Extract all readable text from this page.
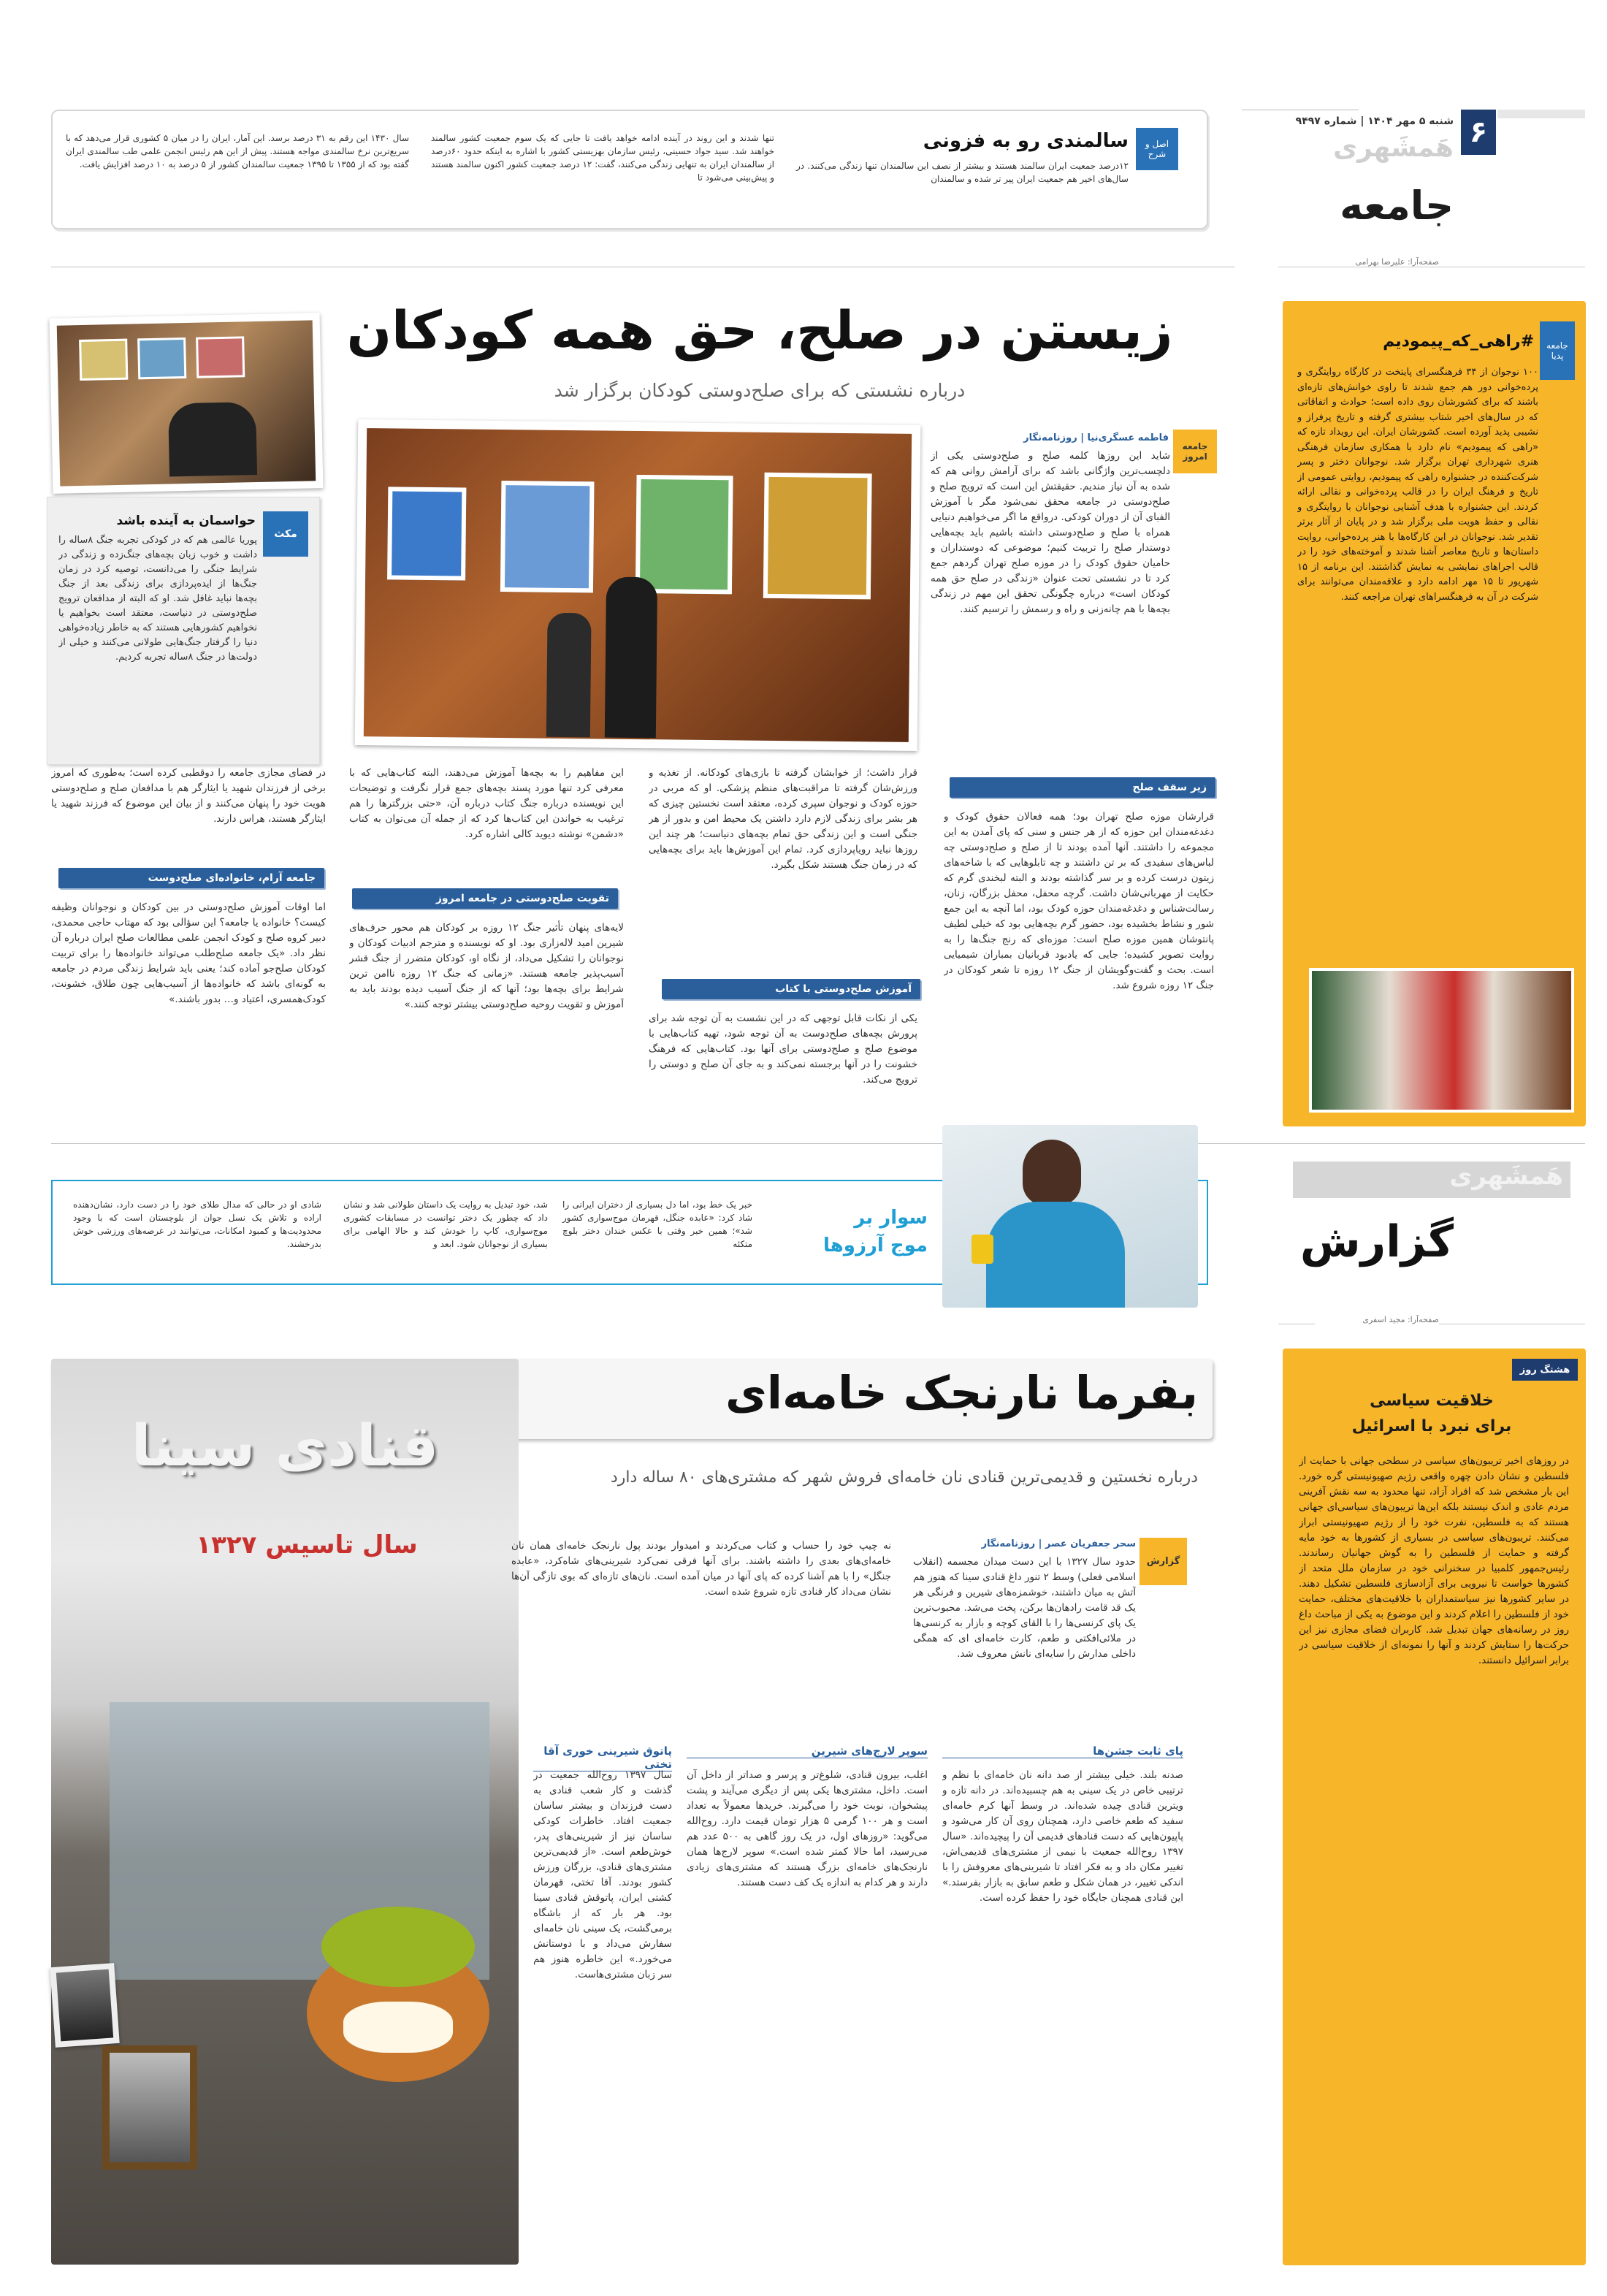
۶
شنبه ۵ مهر ۱۴۰۴ | شماره ۹۴۹۷
هَمشَهری
جامعه
صفحه‌آرا: علیرضا بهرامی
اصل و شرح
سالمندی رو به فزونی
۱۲درصد جمعیت ایران سالمند هستند و بیشتر از نصف این سالمندان تنها زندگی می‌کنند. در سال‌های اخیر هم جمعیت ایران پیر تر شده و سالمندان
تنها شدند و این روند در آینده ادامه خواهد یافت تا جایی که یک سوم جمعیت کشور سالمند خواهند شد. سید جواد حسینی، رئیس سازمان بهزیستی کشور با اشاره به اینکه حدود ۶۰درصد از سالمندان ایران به تنهایی زندگی می‌کنند، گفت: ۱۲ درصد جمعیت کشور اکنون سالمند هستند و پیش‌بینی می‌شود تا
سال ۱۴۳۰ این رقم به ۳۱ درصد برسد. این آمار، ایران را در میان ۵ کشوری قرار می‌دهد که با سریع‌ترین نرخ سالمندی مواجه هستند. پیش از این هم رئیس انجمن علمی طب سالمندی ایران گفته بود که از ۱۳۵۵ تا ۱۳۹۵ جمعیت سالمندان کشور از ۵ درصد به ۱۰ درصد افزایش یافت.
جامعه پدیا
#راهی_که_پیمودیم
۱۰۰ نوجوان از ۳۴ فرهنگسرای پایتخت در کارگاه روایتگری و پرده‌خوانی دور هم جمع شدند تا راوی خوانش‌های تازه‌ای باشند که برای کشورشان روی داده است؛ حوادث و اتفاقاتی که در سال‌های اخیر شتاب بیشتری گرفته و تاریخ پرفراز و نشیبی پدید آورده است. کشورشان ایران. این رویداد تازه که «راهی که پیمودیم» نام دارد با همکاری سازمان فرهنگی هنری شهرداری تهران برگزار شد. نوجوانان دختر و پسر شرکت‌کننده در جشنواره راهی که پیمودیم، روایتی عمومی از تاریخ و فرهنگ ایران را در قالب پرده‌خوانی و نقالی ارائه کردند. این جشنواره با هدف آشنایی نوجوانان با روایتگری و نقالی و حفظ هویت ملی برگزار شد و در پایان از آثار برتر تقدیر شد. نوجوانان در این کارگاه‌ها با هنر پرده‌خوانی، روایت داستان‌ها و تاریخ معاصر آشنا شدند و آموخته‌های خود را در قالب اجراهای نمایشی به نمایش گذاشتند. این برنامه از ۱۵ شهریور تا ۱۵ مهر ادامه دارد و علاقه‌مندان می‌توانند برای شرکت در آن به فرهنگسراهای تهران مراجعه کنند.
زیستن در صلح، حق همه کودکان
درباره نشستی که برای صلح‌دوستی کودکان برگزار شد
مکث
حواسمان به آینده باشد
پوریا عالمی هم که در کودکی تجربه جنگ ۸ساله را داشت و خوب زبان بچه‌های جنگ‌زده و زندگی در شرایط جنگی را می‌دانست، توصیه کرد در زمان جنگ‌ها از ایده‌پردازی برای زندگی بعد از جنگ بچه‌ها نباید غافل شد. او که البته از مدافعان ترویج صلح‌دوستی در دنیاست، معتقد است بخواهیم یا نخواهیم کشورهایی هستند که به خاطر زیاده‌خواهی دنیا را گرفتار جنگ‌هایی طولانی می‌کنند و خیلی از دولت‌ها در جنگ ۸ساله تجربه کردیم.
جامعه امروز
فاطمه عسگری‌نیا | روزنامه‌نگار
شاید این روزها کلمه صلح و صلح‌دوستی یکی از دلچسب‌ترین واژگانی باشد که برای آرامش روانی هم که شده به آن نیاز مندیم. حقیقتش این است که ترویج صلح و صلح‌دوستی در جامعه محقق نمی‌شود مگر با آموزش الفبای آن از دوران کودکی. درواقع ما اگر می‌خواهیم دنیایی همراه با صلح و صلح‌دوستی داشته باشیم باید بچه‌هایی دوستدار صلح را تربیت کنیم؛ موضوعی که دوستداران و حامیان حقوق کودک را در موزه صلح تهران گردهم جمع کرد تا در نشستی تحت عنوان «زندگی در صلح حق همه کودکان است» درباره چگونگی تحقق این مهم در زندگی بچه‌ها با هم چانه‌زنی و راه و رسمش را ترسیم کنند.
زیر سقف صلح
قرارشان موزه صلح تهران بود؛ همه فعالان حقوق کودک و دغدغه‌مندان این حوزه که از هر جنس و سنی که پای آمدن به این مجموعه را داشتند. آنها آمده بودند تا از صلح و صلح‌دوستی چه لباس‌های سفیدی که بر تن داشتند و چه تابلوهایی که با شاخه‌های زیتون درست کرده و بر سر گذاشته بودند و البته لبخندی گرم که حکایت از مهربانی‌شان داشت. گرچه محفل، محفل بزرگان، زنان، رسالت‌شناس و دغدغه‌مندان حوزه کودک بود، اما آنچه به این جمع شور و نشاط بخشیده بود، حضور گرم بچه‌هایی بود که خیلی لطیف پانتوشان همین موزه صلح است: موزه‌ای که رنج جنگ‌ها را به روایت تصویر کشیده؛ جایی که یادبود قربانیان بمباران شیمیایی است. بحث و گفت‌وگویشان از جنگ ۱۲ روزه تا شعر کودکان در جنگ ۱۲ روزه شروع شد.
قرار داشت؛ از خوابشان گرفته تا بازی‌های کودکانه. از تغذیه و ورزش‌شان گرفته تا مراقبت‌های منظم پزشکی. او که مربی در حوزه کودک و نوجوان سپری کرده، معتقد است نخستین چیزی که هر بشر برای زندگی لازم دارد داشتن یک محیط امن و بدور از هر جنگی است و این زندگی حق تمام بچه‌های دنیاست؛ هر چند این روزها نباید رویاپردازی کرد. تمام این آموزش‌ها باید برای بچه‌هایی که در زمان جنگ هستند شکل بگیرد.
آموزش صلح‌دوستی با کتاب
یکی از نکات قابل توجهی که در این نشست به آن توجه شد برای پرورش بچه‌های صلح‌دوست به آن توجه شود، تهیه کتاب‌هایی با موضوع صلح و صلح‌دوستی برای آنها بود. کتاب‌هایی که فرهنگ خشونت را در آنها برجسته نمی‌کند و به جای آن صلح و دوستی را ترویج می‌کند.
این مفاهیم را به بچه‌ها آموزش می‌دهند، البته کتاب‌هایی که با معرفی کرد تنها مورد پسند بچه‌های جمع قرار نگرفت و توضیحات این نویسنده درباره جنگ کتاب درباره آن، «حتی بزرگترها را هم ترغیب به خواندن این کتاب‌ها کرد که از جمله آن می‌توان به کتاب «دشمن» نوشته دیوید کالی اشاره کرد.
تقویت صلح‌دوستی در جامعه امروز
لایه‌های پنهان تأثیر جنگ ۱۲ روزه بر کودکان هم محور حرف‌های شیرین امید لاله‌زاری بود. او که نویسنده و مترجم ادبیات کودکان و نوجوانان را تشکیل می‌داد، از نگاه او، کودکان متضرر از جنگ قشر آسیب‌پذیر جامعه هستند. «زمانی که جنگ ۱۲ روزه ناامن ترین شرایط برای بچه‌ها بود؛ آنها که از جنگ آسیب دیده بودند باید به آموزش و تقویت روحیه صلح‌دوستی بیشتر توجه کنند.»
در فضای مجازی جامعه را دوقطبی کرده است؛ به‌طوری که امروز برخی از فرزندان شهید یا ایثارگر هم با مدافعان صلح و صلح‌دوستی هویت خود را پنهان می‌کنند و از بیان این موضوع که فرزند شهید یا ایثارگر هستند، هراس دارند.
جامعه آرام، خانواده‌ای صلح‌دوست
اما اوقات آموزش صلح‌دوستی در بین کودکان و نوجوانان وظیفه کیست؟ خانواده یا جامعه؟ این سؤالی بود که مهتاب حاجی محمدی، دبیر کروه صلح و کودک انجمن علمی مطالعات صلح ایران درباره آن نظر داد. «یک جامعه صلح‌طلب می‌تواند خانواده‌ها را برای تربیت کودکان صلح‌جو آماده کند؛ یعنی باید شرایط زندگی مردم در جامعه به گونه‌ای باشد که خانواده‌ها از آسیب‌هایی چون طلاق، خشونت، کودک‌همسری، اعتیاد و… بدور باشند.»
هَمشَهری
گزارش
صفحه‌آرا: مجید اسفری
سوار بر
موج آرزوها
خبر یک خط بود، اما دل بسیاری از دختران ایرانی را شاد کرد: «عابده جنگل، قهرمان موج‌سواری کشور شد»؛ همین خبر وقتی با عکس خندان دختر بلوچ متکئه
شد، خود تبدیل به روایت یک داستان طولانی شد و نشان داد که چطور یک دختر توانست در مسابقات کشوری موج‌سواری، کاپ را خودش کند و حالا الهامی برای بسیاری از نوجوانان شود. ابعد و
شادی او در حالی که مدال طلای خود را در دست دارد، نشان‌دهنده اراده و تلاش یک نسل جوان از بلوچستان است که با وجود محدودیت‌ها و کمبود امکانات، می‌توانند در عرصه‌های ورزشی خوش بدرخشند.
بفرما نارنجک خامه‌ای
درباره نخستین و قدیمی‌ترین قنادی نان خامه‌ای فروش شهر که مشتری‌های ۸۰ ساله دارد
قنادی سینا
سال تاسیس ۱۳۲۷
گزارش
سحر جعفریان عصر | روزنامه‌نگار
حدود سال ۱۳۲۷ با این دست میدان مجسمه (انقلاب اسلامی فعلی) وسط ۲ تنور داغ قنادی سینا که هنوز هم آتش به میان داشتند، خوشمزه‌های شیرین و فرنگی هر یک قد قامت رادهان‌ها برکن، پخت می‌شد. محبوب‌ترین یک پای کرنسی‌ها را با القای کوچه و بازار به کرنسی‌ها در ملائی‌افکتی و طعم، کارت خامه‌ای ای که همگی داخلی مدارش را سایه‌ای نانش معروف شد.
نه چیپ خود را حساب و کتاب می‌کردند و امیدوار بودند پول نارنجک خامه‌ای همان نان خامه‌ای‌های بعدی را داشته باشند. برای آنها فرقی نمی‌کرد شیرینی‌های شاه‌کرد، «عابده جنگل» را با هم آشنا کرده که پای آنها در میان آمده است. نان‌های تازه‌ای که بوی تازگی آن‌ها نشان می‌داد کار قنادی تازه شروع شده است.
پای ثابت جشن‌ها
صدنه بلند. خیلی بیشتر از صد دانه نان خامه‌ای با نظم و ترتیبی خاص در یک سینی به هم چسبیده‌اند. در دانه تازه و ویترین قنادی چیده شده‌اند. در وسط آنها کرم خامه‌ای سفید که طعم خاصی دارد، همچنان روی آن کار می‌شود و پاپیون‌هایی که دست قناد‌های قدیمی آن را پیچیده‌اند. «سال ۱۳۹۷ روح‌الله جمعیت با نیمی از مشتری‌های قدیمی‌اش، تغییر مکان داد و به فکر افتاد تا شیرینی‌های معروفش را با اندکی تغییر، در همان شکل و طعم سابق به بازار بفرستد.» این قنادی همچنان جایگاه خود را حفظ کرده است.
سوپر لارج‌های شیرین
اغلب، بیرون قنادی، شلوغ‌تر و پرسر و صداتر از داخل آن است. داخل، مشتری‌ها یکی پس از دیگری می‌آیند و پشت پیشخوان، نوبت خود را می‌گیرند. خریدها معمولاً به تعداد است و هر ۱۰۰ گرمی ۵ هزار تومان قیمت دارد. روح‌الله می‌گوید: «روزهای اول، در یک روز گاهی به ۵۰۰ عدد هم می‌رسید، اما حالا کمتر شده است.» سوپر لارج‌ها همان نارنجک‌های خامه‌ای بزرگ هستند که مشتری‌های زیادی دارند و هر کدام به اندازه یک کف دست هستند.
پاتوق شیرینی خوری آقا تختی
سال ۱۳۹۷ روح‌الله جمعیت در گذشت و کار شعب قنادی به دست فرزندان و بیشتر ساسان جمعیت افتاد. خاطرات کودکی ساسان نیز از شیرینی‌های پدر، خوش‌طعم است. «از قدیمی‌ترین مشتری‌های قنادی، بزرگان ورزش کشور بودند. آقا تختی، قهرمان کشتی ایران، پاتوقش قنادی سینا بود. هر بار که از باشگاه برمی‌گشت، یک سینی نان خامه‌ای سفارش می‌داد و با دوستانش می‌خورد.» این خاطره هنوز هم سر زبان مشتری‌هاست.
هشتگ روز
خلاقیت سیاسی
برای نبرد با اسرائیل
در روزهای اخیر تریبون‌های سیاسی در سطحی جهانی با حمایت از فلسطین و نشان دادن چهره واقعی رژیم صهیونیستی گره خورد. این بار مشخص شد که افراد آزاد، تنها محدود به سه نقش آفرینی مردم عادی و اندک نیستند بلکه این‌ها تریبون‌های سیاسی‌ای جهانی هستند که به فلسطین، نفرت خود را از رژیم صهیونیستی ابراز می‌کنند. تریبون‌های سیاسی در بسیاری از کشورها به خود مایه گرفته و حمایت از فلسطین را به گوش جهانیان رساندند. رئیس‌جمهور کلمبیا در سخنرانی خود در سازمان ملل متحد از کشورها خواست تا نیرویی برای آزادسازی فلسطین تشکیل دهند. در سایر کشورها نیز سیاستمداران با خلاقیت‌های مختلف، حمایت خود از فلسطین را اعلام کردند و این موضوع به یکی از مباحث داغ روز در رسانه‌های جهان تبدیل شد. کاربران فضای مجازی نیز این حرکت‌ها را ستایش کردند و آنها را نمونه‌ای از خلاقیت سیاسی در برابر اسرائیل دانستند.
